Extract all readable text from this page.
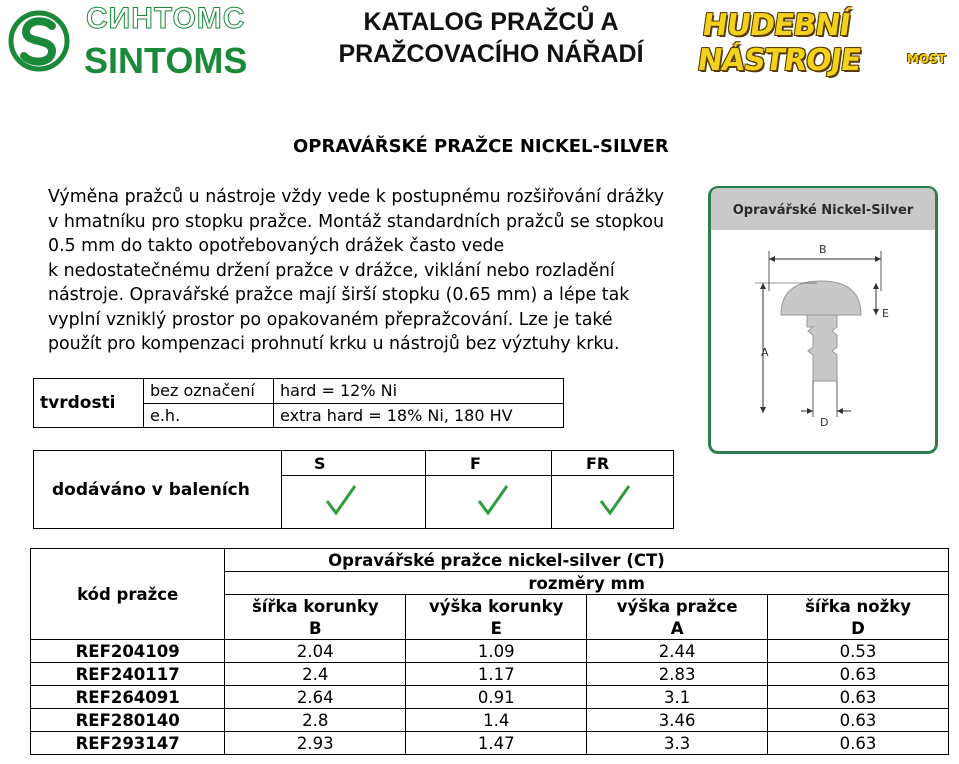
СИНТОМС
SINTOMS
KATALOG PRAŽCŮ A
PRAŽCOVACÍHO NÁŘADÍ
HUDEBNÍ NÁSTROJE	MOST
OPRAVÁŘSKÉ PRAŽCE NICKEL-SILVER
Výměna pražců u nástroje vždy vede k postupnému rozšiřování drážky
v hmatníku pro stopku pražce. Montáž standardních pražců se stopkou
0.5 mm do takto opotřebovaných drážek často vede
k nedostatečnému držení pražce v drážce, viklání nebo rozladění
nástroje. Opravářské pražce mají širší stopku (0.65 mm) a lépe tak
vyplní vzniklý prostor po opakovaném přepražcování. Lze je také
použít pro kompenzaci prohnutí krku u nástrojů bez výztuhy krku.
Opravářské Nickel-Silver
B
E
A
D
tvrdosti	bez označení	hard = 12% Ni
	e.h.	extra hard = 18% Ni, 180 HV
dodáváno v baleních	S	F	FR

kód pražce	Opravářské pražce nickel-silver (CT)			
	rozměry mm			
	šířka korunky	výška korunky	výška pražce	šířka nožky
	B	E	A	D
REF204109	2.04	1.09	2.44	0.53
REF240117	2.4	1.17	2.83	0.63
REF264091	2.64	0.91	3.1	0.63
REF280140	2.8	1.4	3.46	0.63
REF293147	2.93	1.47	3.3	0.63
